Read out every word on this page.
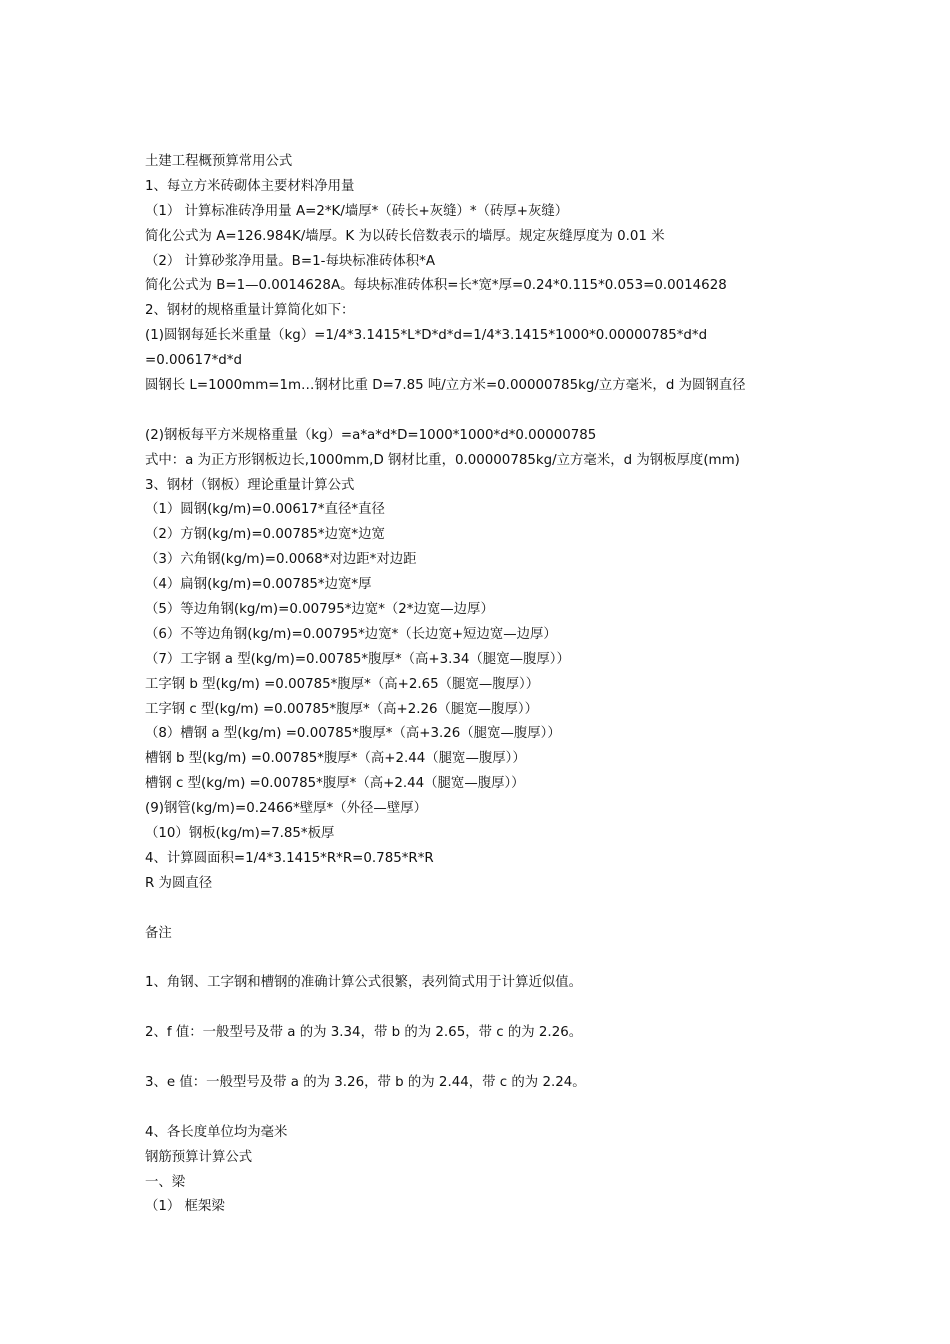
土建工程概预算常用公式
1、每立方米砖砌体主要材料净用量
（1） 计算标准砖净用量 A=2*K/墙厚*（砖长+灰缝）*（砖厚+灰缝）
简化公式为 A=126.984K/墙厚。K 为以砖长倍数表示的墙厚。规定灰缝厚度为 0.01 米
（2） 计算砂浆净用量。B=1-每块标准砖体积*A
简化公式为 B=1—0.0014628A。每块标准砖体积=长*宽*厚=0.24*0.115*0.053=0.0014628
2、钢材的规格重量计算简化如下：
(1)圆钢每延长米重量（kg）=1/4*3.1415*L*D*d*d=1/4*3.1415*1000*0.00000785*d*d
=0.00617*d*d
圆钢长 L=1000mm=1m…钢材比重 D=7.85 吨/立方米=0.00000785kg/立方毫米，d 为圆钢直径
(2)钢板每平方米规格重量（kg）=a*a*d*D=1000*1000*d*0.00000785
式中：a 为正方形钢板边长,1000mm,D 钢材比重，0.00000785kg/立方毫米，d 为钢板厚度(mm)
3、钢材（钢板）理论重量计算公式
（1）圆钢(kg/m)=0.00617*直径*直径
（2）方钢(kg/m)=0.00785*边宽*边宽
（3）六角钢(kg/m)=0.0068*对边距*对边距
（4）扁钢(kg/m)=0.00785*边宽*厚
（5）等边角钢(kg/m)=0.00795*边宽*（2*边宽—边厚）
（6）不等边角钢(kg/m)=0.00795*边宽*（长边宽+短边宽—边厚）
（7）工字钢 a 型(kg/m)=0.00785*腹厚*（高+3.34（腿宽—腹厚））
工字钢 b 型(kg/m) =0.00785*腹厚*（高+2.65（腿宽—腹厚））
工字钢 c 型(kg/m) =0.00785*腹厚*（高+2.26（腿宽—腹厚））
（8）槽钢 a 型(kg/m) =0.00785*腹厚*（高+3.26（腿宽—腹厚））
槽钢 b 型(kg/m) =0.00785*腹厚*（高+2.44（腿宽—腹厚））
槽钢 c 型(kg/m) =0.00785*腹厚*（高+2.44（腿宽—腹厚））
(9)钢管(kg/m)=0.2466*壁厚*（外径—壁厚）
（10）钢板(kg/m)=7.85*板厚
4、计算圆面积=1/4*3.1415*R*R=0.785*R*R
R 为圆直径
备注
1、角钢、工字钢和槽钢的准确计算公式很繁，表列简式用于计算近似值。
2、f 值：一般型号及带 a 的为 3.34，带 b 的为 2.65，带 c 的为 2.26。
3、e 值：一般型号及带 a 的为 3.26，带 b 的为 2.44，带 c 的为 2.24。
4、各长度单位均为毫米
钢筋预算计算公式
一、梁
（1） 框架梁
